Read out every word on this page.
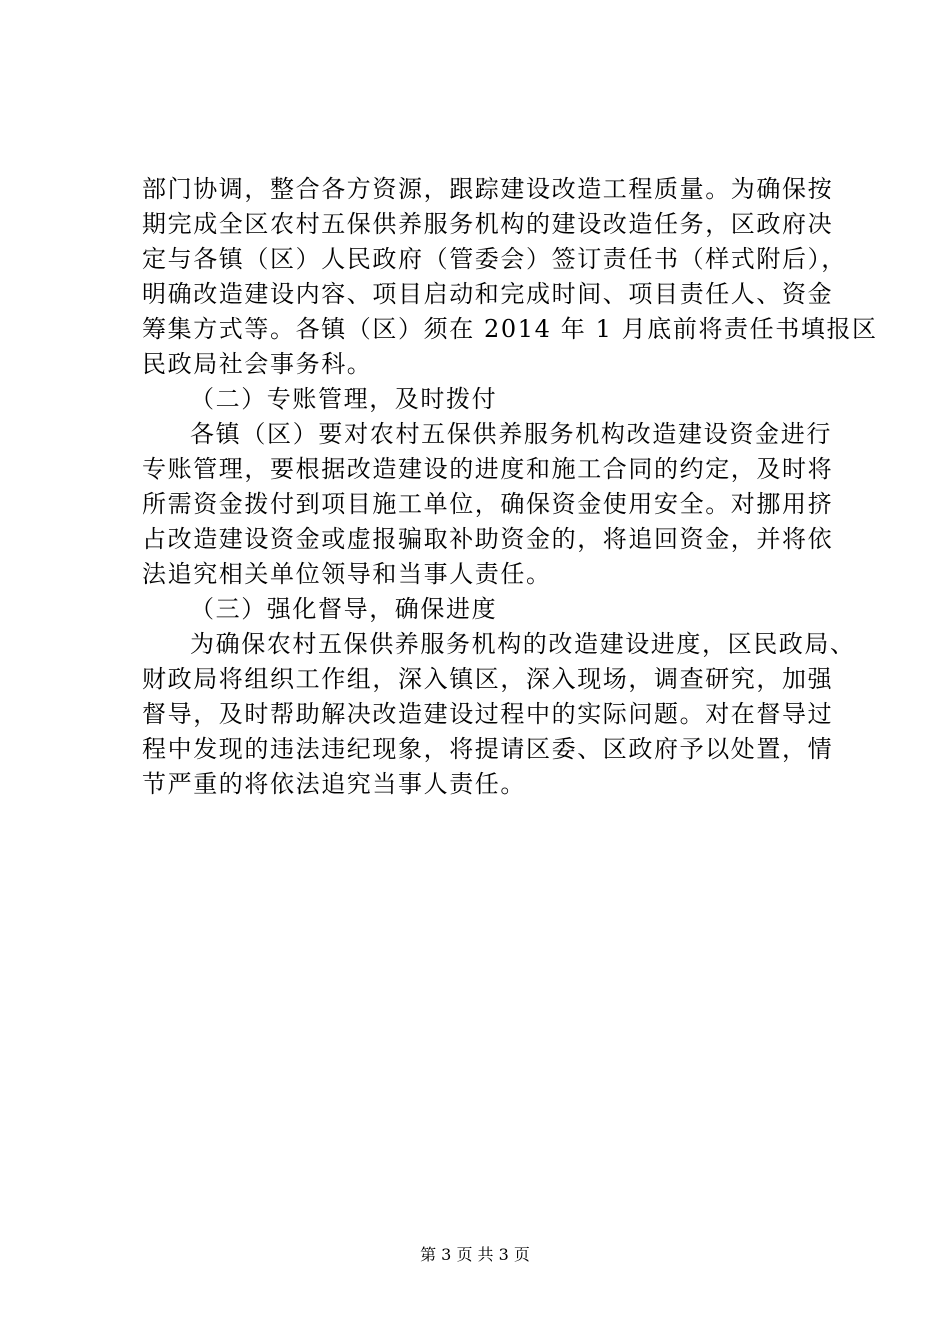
部门协调，整合各方资源，跟踪建设改造工程质量。为确保按
期完成全区农村五保供养服务机构的建设改造任务，区政府决
定与各镇（区）人民政府（管委会）签订责任书（样式附后），
明确改造建设内容、项目启动和完成时间、项目责任人、资金
筹集方式等。各镇（区）须在 2014 年 1 月底前将责任书填报区
民政局社会事务科。
（二）专账管理，及时拨付
各镇（区）要对农村五保供养服务机构改造建设资金进行
专账管理，要根据改造建设的进度和施工合同的约定，及时将
所需资金拨付到项目施工单位，确保资金使用安全。对挪用挤
占改造建设资金或虚报骗取补助资金的，将追回资金，并将依
法追究相关单位领导和当事人责任。
（三）强化督导，确保进度
为确保农村五保供养服务机构的改造建设进度，区民政局、
财政局将组织工作组，深入镇区，深入现场，调查研究，加强
督导，及时帮助解决改造建设过程中的实际问题。对在督导过
程中发现的违法违纪现象，将提请区委、区政府予以处置，情
节严重的将依法追究当事人责任。
第 3 页 共 3 页
